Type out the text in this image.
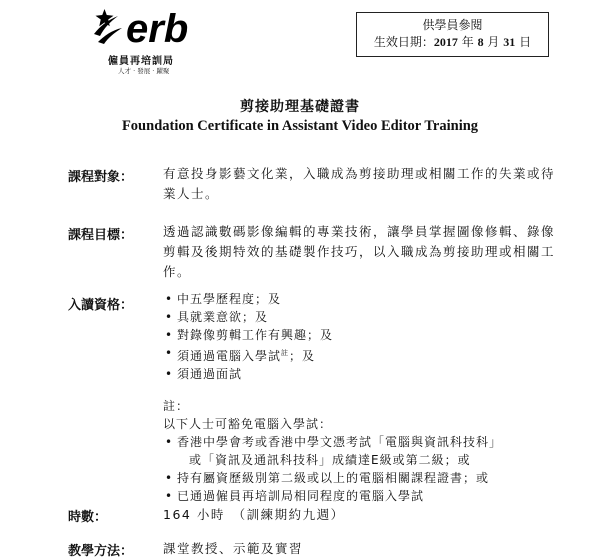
erb
僱員再培訓局
人才 · 發展 · 躍聚
供學員參閱
生效日期：2017 年 8 月 31 日
剪接助理基礎證書
Foundation Certificate in Assistant Video Editor Training
課程對象： 有意投身影藝文化業，入職成為剪接助理或相關工作的失業或待業人士。
課程目標： 透過認識數碼影像編輯的專業技術，讓學員掌握圖像修輯、錄像剪輯及後期特效的基礎製作技巧，以入職成為剪接助理或相關工作。
入讀資格：
•	中五學歷程度；及
• 具就業意欲；及
• 對錄像剪輯工作有興趣；及
• 須通過電腦入學試$^註$；及
• 須通過面試
註：
以下人士可豁免電腦入學試：
• 香港中學會考或香港中學文憑考試「電腦與資訊科技科」
或「資訊及通訊科技科」成績達E級或第二級；或
• 持有屬資歷級別第二級或以上的電腦相關課程證書；或
• 已通過僱員再培訓局相同程度的電腦入學試
時數：	164 小時　（訓練期約九週）
教學方法： 課堂教授、示範及實習
